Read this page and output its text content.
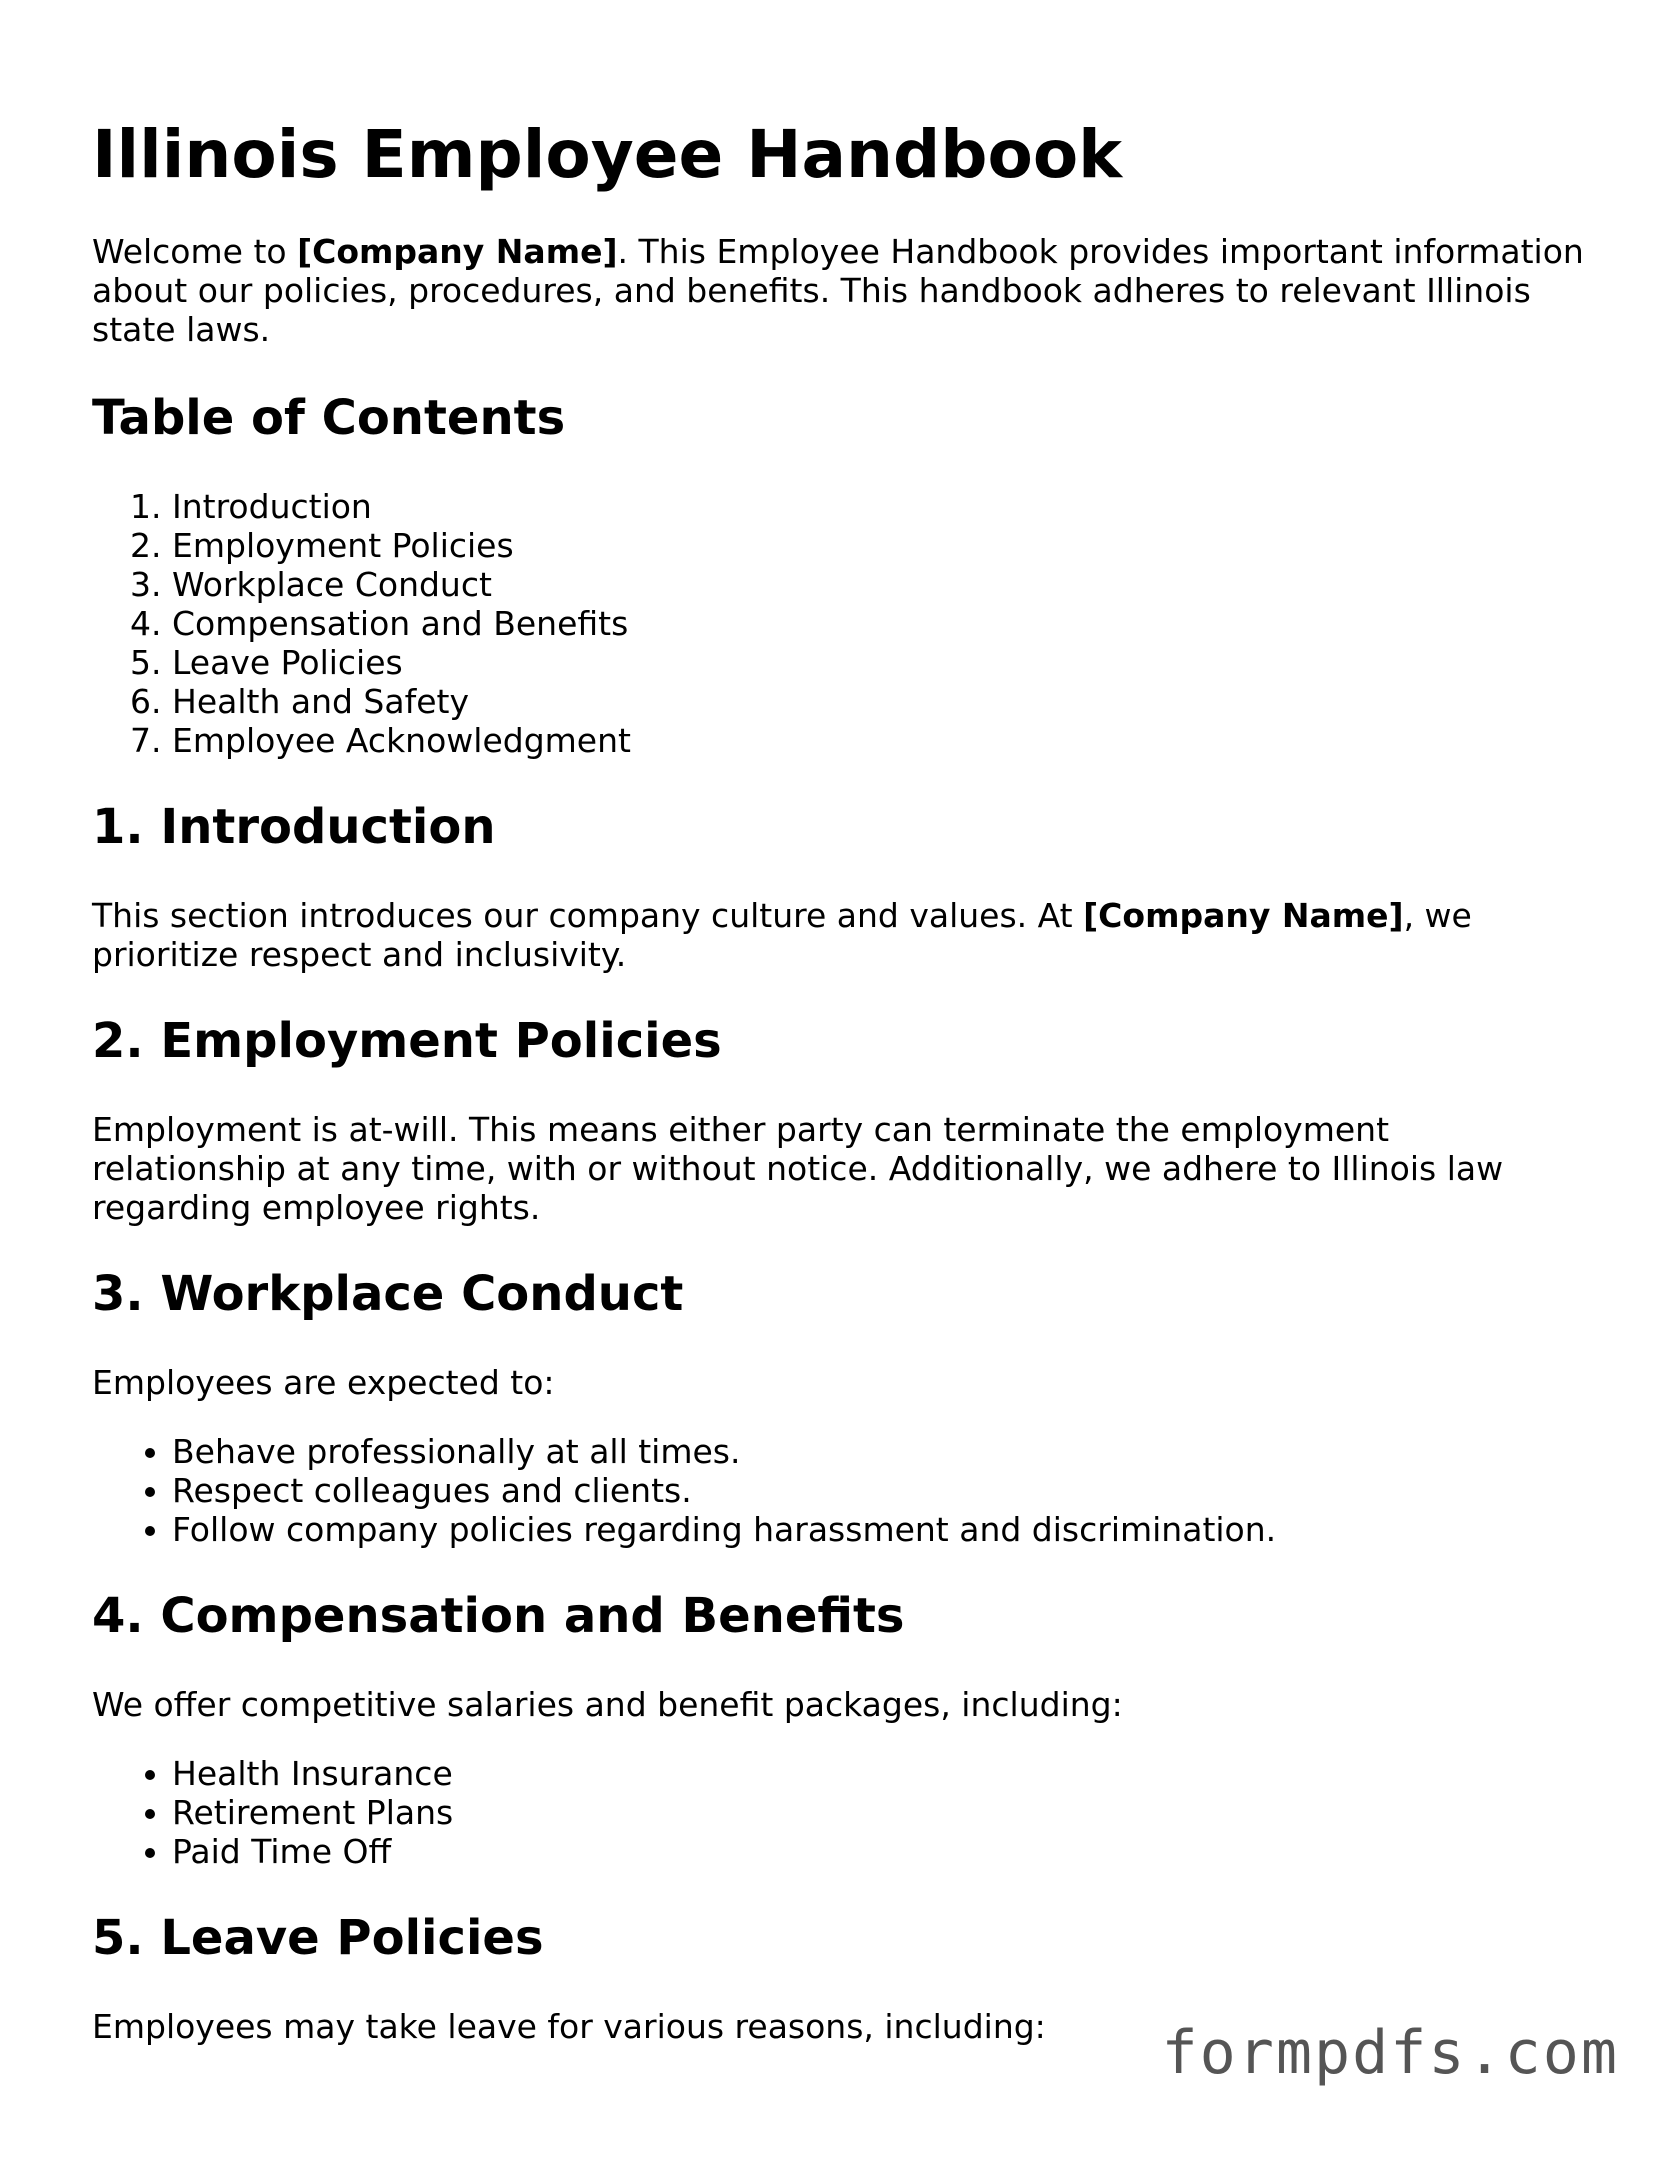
Illinois Employee Handbook

Welcome to [Company Name]. This Employee Handbook provides important information about our policies, procedures, and benefits. This handbook adheres to relevant Illinois state laws.

Table of Contents
1. Introduction
2. Employment Policies
3. Workplace Conduct
4. Compensation and Benefits
5. Leave Policies
6. Health and Safety
7. Employee Acknowledgment
1. Introduction

This section introduces our company culture and values. At [Company Name], we prioritize respect and inclusivity.

2. Employment Policies

Employment is at-will. This means either party can terminate the employment relationship at any time, with or without notice. Additionally, we adhere to Illinois law regarding employee rights.

3. Workplace Conduct

Employees are expected to:

• Behave professionally at all times.
• Respect colleagues and clients.
• Follow company policies regarding harassment and discrimination.
4. Compensation and Benefits

We offer competitive salaries and benefit packages, including:

• Health Insurance
• Retirement Plans
• Paid Time Off
5. Leave Policies

Employees may take leave for various reasons, including:	formpdfs.com
